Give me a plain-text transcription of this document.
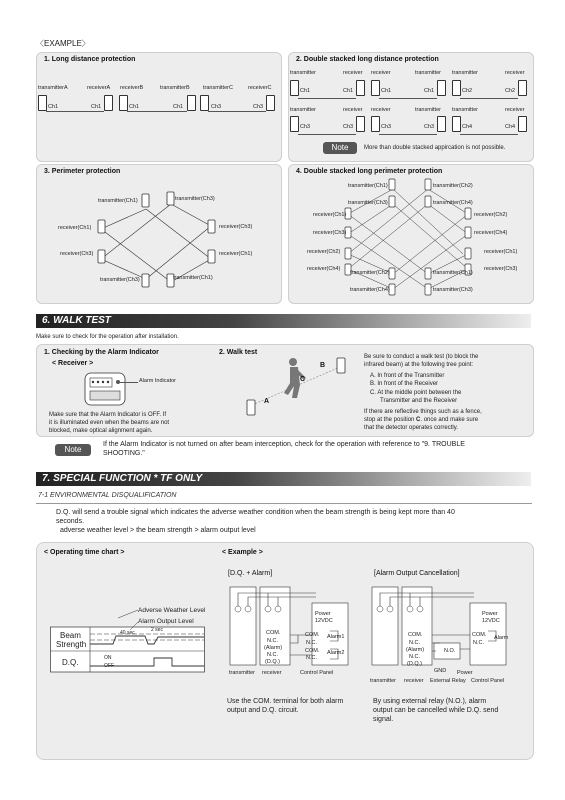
〈EXAMPLE〉
1. Long distance protection
transmitterA	receiverA receiverB	transmitterB transmitterC	receiverC
Ch1	Ch1	Ch1	Ch1	Ch3	Ch3
2. Double stacked long distance protection
transmitter	receiver receiver	transmitter transmitter	receiver
Ch1	Ch1	Ch1	Ch1	Ch2	Ch2
transmitter	receiver receiver	transmitter transmitter	receiver
Ch3	Ch3	Ch3	Ch3	Ch4	Ch4
Note	More than double stacked appircation is not possible.
3. Perimeter protection
transmitter(Ch1)	transmitter(Ch3)
receiver(Ch1)	receiver(Ch3)
receiver(Ch3)	receiver(Ch1)
transmitter(Ch3)	transmitter(Ch1)
4. Double stacked long perimeter protection
transmitter(Ch1)	transmitter(Ch2)
transmitter(Ch3)	transmitter(Ch4)
receiver(Ch1)	receiver(Ch2)
receiver(Ch3)	receiver(Ch4)
receiver(Ch2)	receiver(Ch1)
receiver(Ch4)	receiver(Ch3)
transmitter(Ch2)	transmitter(Ch1)
transmitter(Ch4)	transmitter(Ch3)
6. WALK TEST
Make sure to check for the operation after installation.
1. Checking by the Alarm Indicator
< Receiver >
Alarm Indicator
Make sure that the Alarm Indicator is OFF. If
it is illuminated even when the beams are not
blocked, make optical alignment again.
2. Walk test
A
B
C
Be sure to conduct a walk test (to block the
infrared beam) at the following tree point:
A. In front of the Transmitter
B. In front of the Receiver
C. At the middle point between the
Transmitter and the Receiver
If there are reflective things such as a fence,
stop at the position C. once and make sure
that the detector operates correctly.
Note
If the Alarm Indicator is not turned on after beam interception, check for the operation with reference to "9. TROUBLE
SHOOTING."
7. SPECIAL FUNCTION * TF ONLY
7-1 ENVIRONMENTAL DISQUALIFICATION
D.Q. will send a trouble signal which indicates the adverse weather condition when the beam strength is being kept more than 40
seconds.
adverse weather level > the beam strength > alarm output level
< Operating time chart >	< Example >
Adverse Weather Level
Alarm Output Level
40 sec	2 sec
Beam
Strength
D.Q.	ON
OFF
[D.Q. + Alarm]
Power
12VDC
COM.
N.C.
(Alarm)
N.C.
(D.Q.)
COM.
N.C.
Alarm1
COM.
N.C.
Alarm2
transmitter receiver	Control Panel
Use the COM. terminal for both alarm
output and D.Q. circuit.
[Alarm Output Cancellation]
Power
12VDC
COM.
N.C.
(Alarm)
N.C.
(D.Q.)
COM.
N.C.
Alarm
N.O.
GND Power
transmitter receiver External Relay Control Panel
By using external relay (N.O.), alarm
output can be cancelled while D.Q. send
signal.
